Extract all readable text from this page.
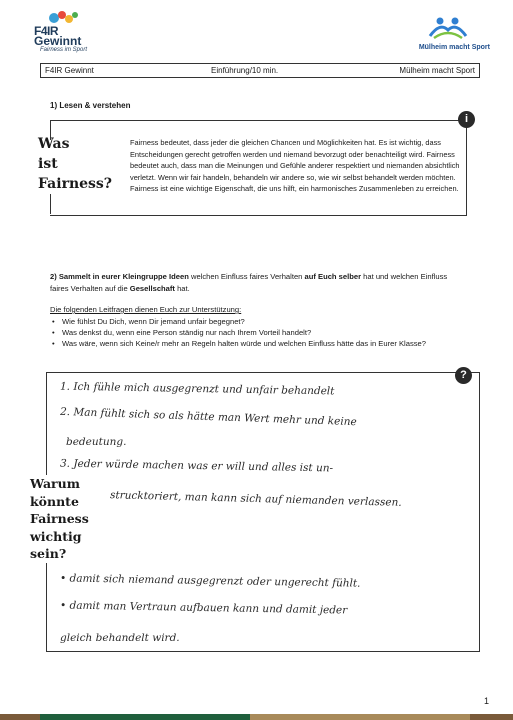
F4IR
Gewinnt
Fairness im Sport	Mülheim macht Sport
F4IR Gewinnt	Einführung/10 min.	Mülheim macht Sport
1) Lesen & verstehen
i
Was
ist
Fairness?
Fairness bedeutet, dass jeder die gleichen Chancen und Möglichkeiten hat. Es ist wichtig, dass Entscheidungen gerecht getroffen werden und niemand bevorzugt oder benachteiligt wird. Fairness bedeutet auch, dass man die Meinungen und Gefühle anderer respektiert und niemanden absichtlich verletzt. Wenn wir fair handeln, behandeln wir andere so, wie wir selbst behandelt werden möchten. Fairness ist eine wichtige Eigenschaft, die uns hilft, ein harmonisches Zusammenleben zu erreichen.
2) Sammelt in eurer Kleingruppe Ideen welchen Einfluss faires Verhalten auf Euch selber hat und welchen Einfluss faires Verhalten auf die Gesellschaft hat.
Die folgenden Leitfragen dienen Euch zur Unterstützung:
• Wie fühlst Du Dich, wenn Dir jemand unfair begegnet?
• Was denkst du, wenn eine Person ständig nur nach Ihrem Vorteil handelt?
• Was wäre, wenn sich Keine/r mehr an Regeln halten würde und welchen Einfluss hätte das in Eurer Klasse?
?
Warum
könnte
Fairness
wichtig
sein?
1. Ich fühle mich ausgegrenzt und unfair behandelt
2. Man fühlt sich so als hätte man Wert mehr und keine
bedeutung.
3. Jeder würde machen was er will und alles ist un-
strucktoriert, man kann sich auf niemanden verlassen.
• damit sich niemand ausgegrenzt oder ungerecht fühlt.
• damit man Vertraun aufbauen kann und damit jeder
gleich behandelt wird.
1
